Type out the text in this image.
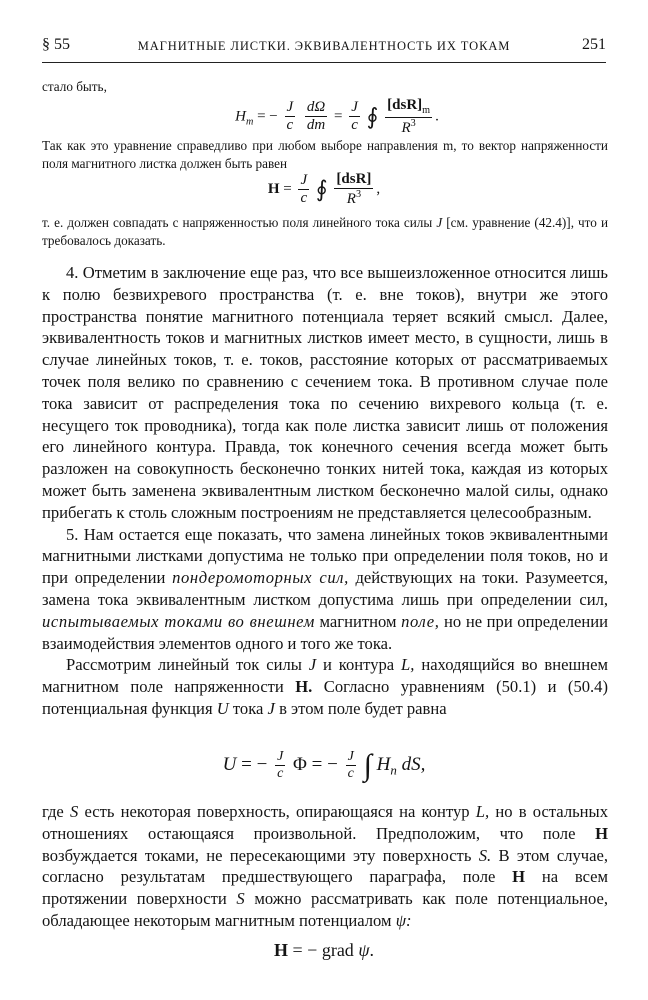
§ 55	МАГНИТНЫЕ ЛИСТКИ. ЭКВИВАЛЕНТНОСТЬ ИХ ТОКАМ	251
стало быть,
$H_m$ = − $\frac{J}{c}$
$\frac{d\Omega}{dm} = \frac{J}{c}$ ∮ $\frac{[dsR]_m}{R^3}$ .
Так как это уравнение справедливо при любом выборе направления m, то вектор напряженности поля магнитного листка должен быть равен
$H = \frac{J}{c}$ ∮ $\frac{\text{[dsR]}}{R^3}$ ,
т. е. должен совпадать с напряженностью поля линейного тока силы J [см. уравнение (42.4)], что и требовалось доказать.

4. Отметим в заключение еще раз, что все вышеизложенное относится лишь к полю безвихревого пространства (т. е. вне токов), внутри же этого пространства понятие магнитного потенциала теряет всякий смысл. Далее, эквивалентность токов и магнитных листков имеет место, в сущности, лишь в случае линейных токов, т. е. токов, расстояние которых от рассматриваемых точек поля велико по сравнению с сечением тока. В противном случае поле тока зависит от распределения тока по сечению вихревого кольца (т. е. несущего ток проводника), тогда как поле листка зависит лишь от положения его линейного контура. Правда, ток конечного сечения всегда может быть разложен на совокупность бесконечно тонких нитей тока, каждая из которых может быть заменена эквивалентным листком бесконечно малой силы, однако прибегать к столь сложным построениям не представляется целесообразным.

5. Нам остается еще показать, что замена линейных токов эквивалентными магнитными листками допустима не только при определении поля токов, но и при определении пондеромоторных сил, действующих на токи. Разумеется, замена тока эквивалентным листком допустима лишь при определении сил, испытываемых токами во внешнем магнитном поле, но не при определении взаимодействия элементов одного и того же тока.

Рассмотрим линейный ток силы J и контура L, находящийся во внешнем магнитном поле напряженности H. Согласно уравнениям (50.1) и (50.4) потенциальная функция U тока J в этом поле будет равна

U = − $\frac{J}{c}$ Φ = − $\frac{J}{c}$ ∫ $H_n$ dS,

где S есть некоторая поверхность, опирающаяся на контур L, но в остальных отношениях остающаяся произвольной. Предположим, что поле H возбуждается токами, не пересекающими эту поверхность S. В этом случае, согласно результатам предшествующего параграфа, поле H на всем протяжении поверхности S можно рассматривать как поле потенциальное, обладающее некоторым магнитным потенциалом ψ:

H = − grad ψ.
